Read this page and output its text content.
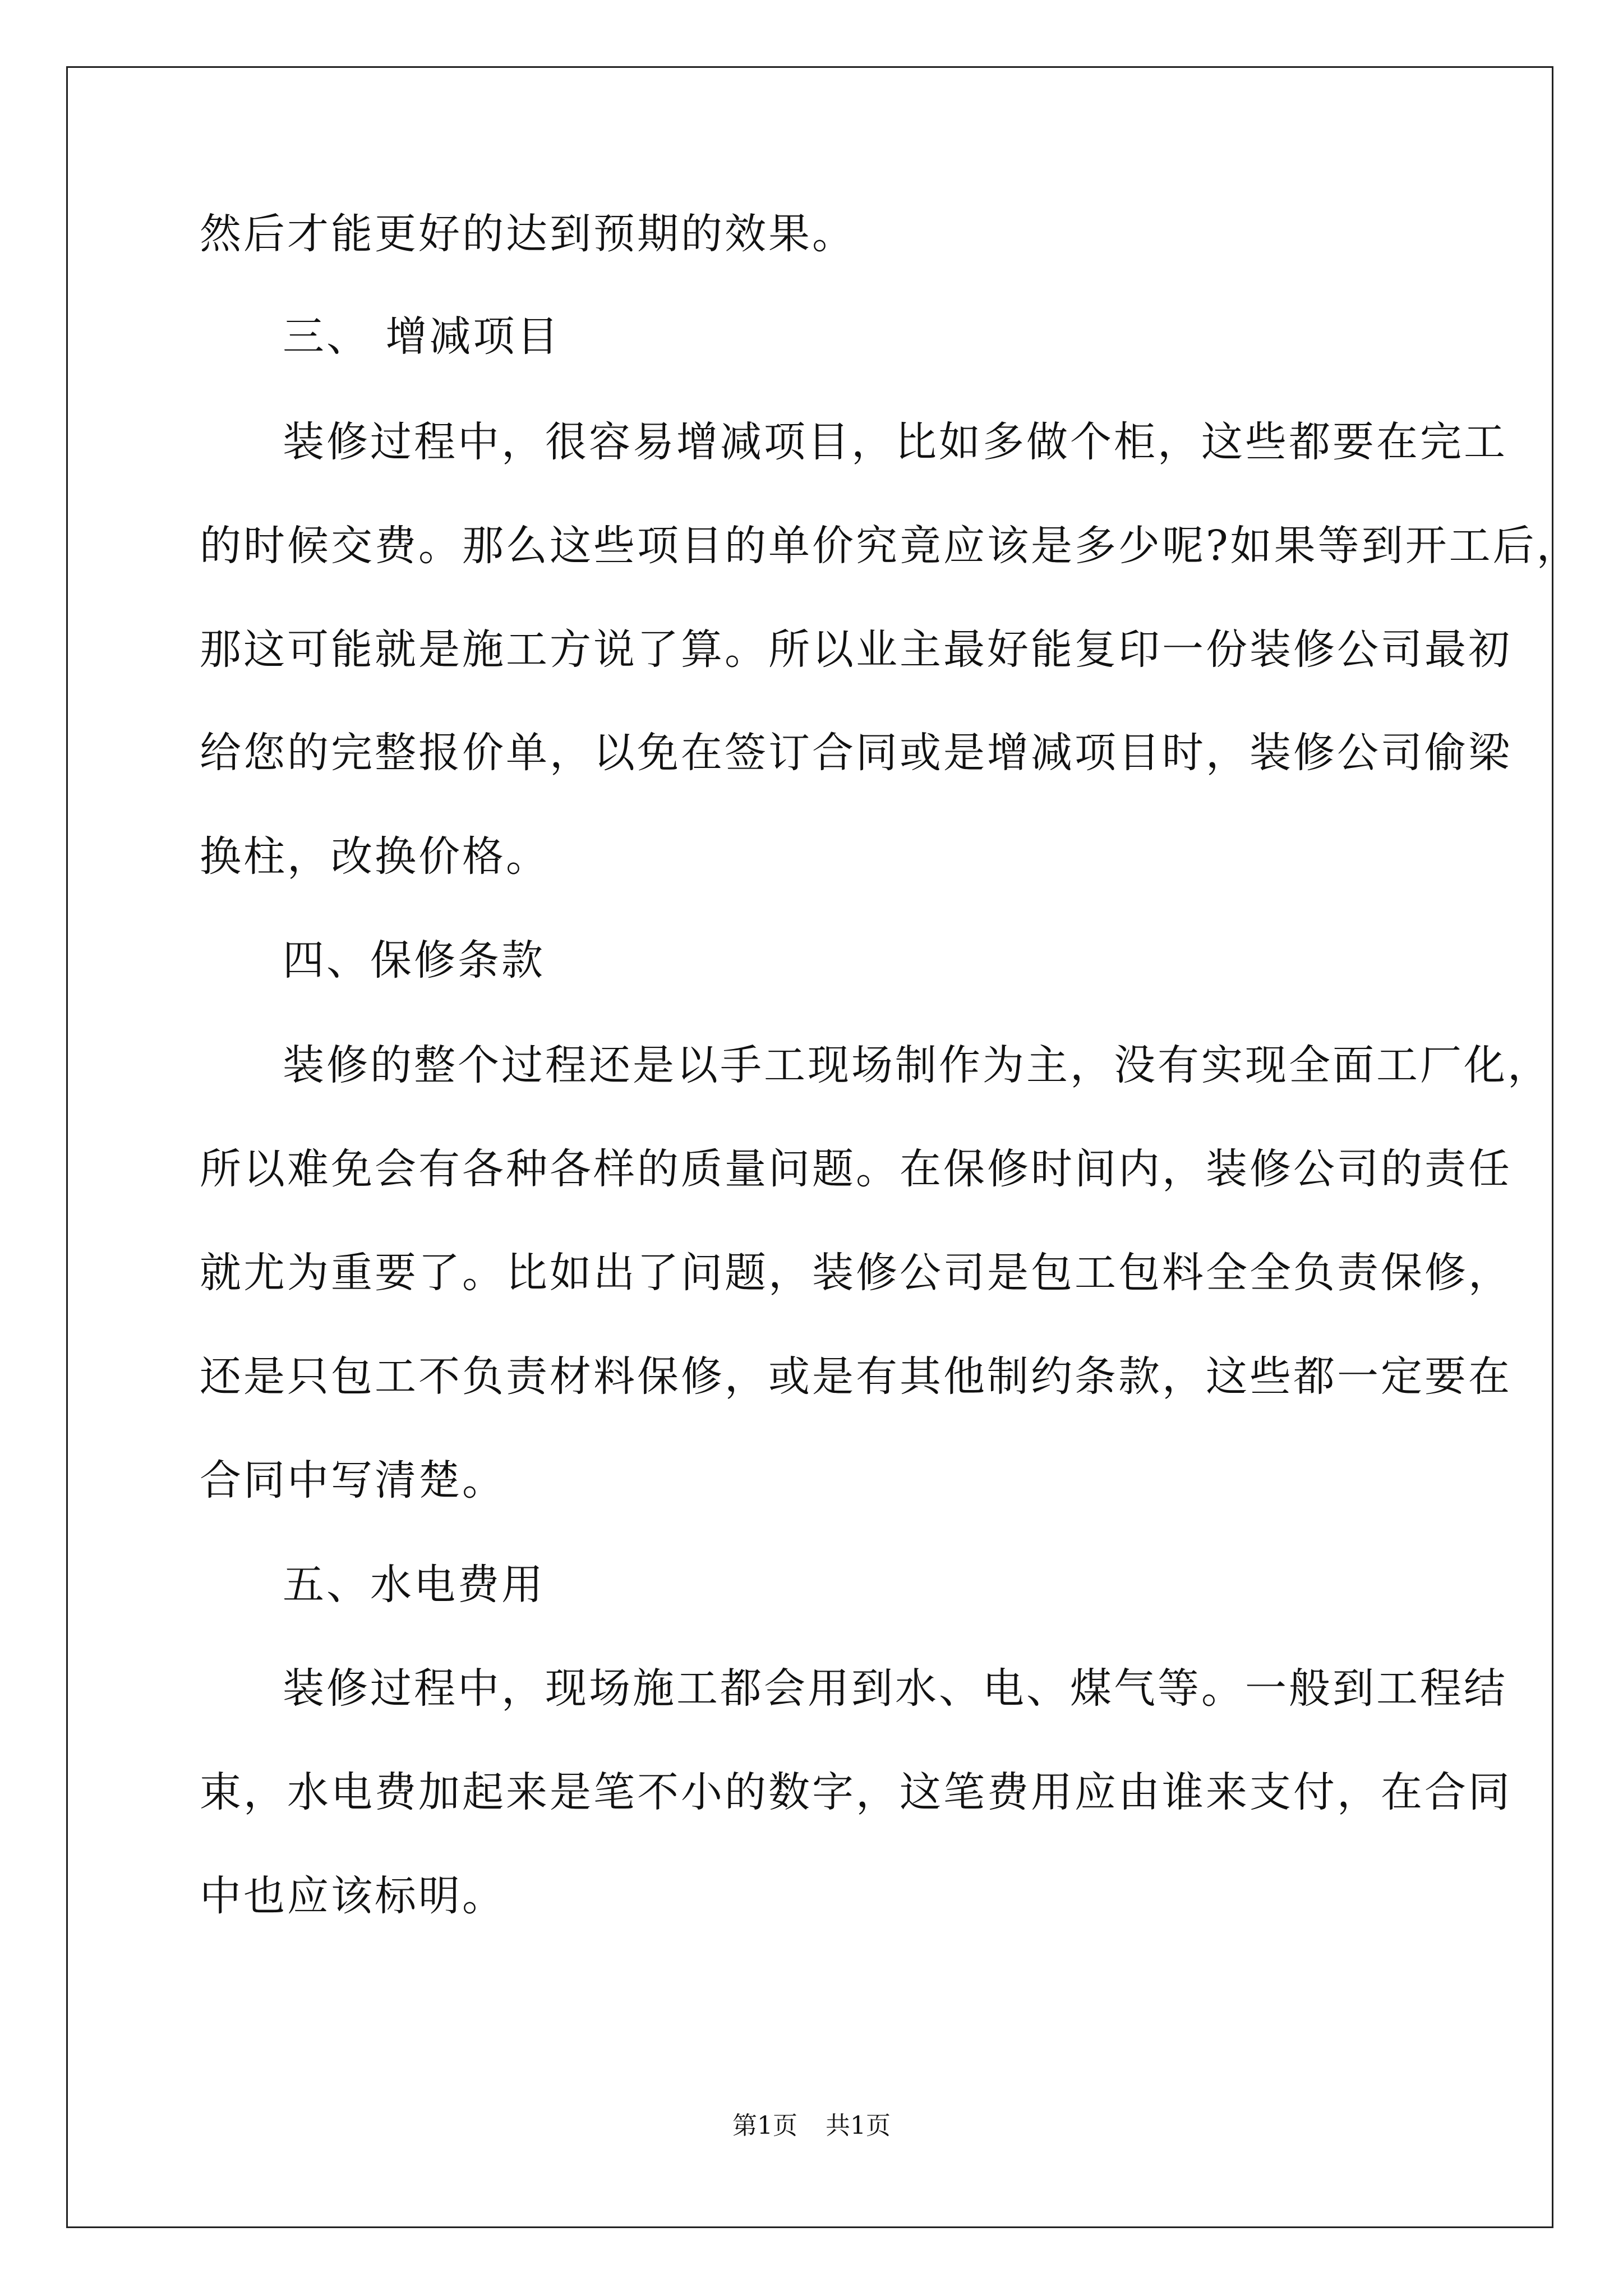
然后才能更好的达到预期的效果。
三、 增减项目
装修过程中，很容易增减项目，比如多做个柜，这些都要在完工
的时候交费。那么这些项目的单价究竟应该是多少呢?如果等到开工后，
那这可能就是施工方说了算。所以业主最好能复印一份装修公司最初
给您的完整报价单，以免在签订合同或是增减项目时，装修公司偷梁
换柱，改换价格。
四、保修条款
装修的整个过程还是以手工现场制作为主，没有实现全面工厂化，
所以难免会有各种各样的质量问题。在保修时间内，装修公司的责任
就尤为重要了。比如出了问题，装修公司是包工包料全全负责保修，
还是只包工不负责材料保修，或是有其他制约条款，这些都一定要在
合同中写清楚。
五、水电费用
装修过程中，现场施工都会用到水、电、煤气等。一般到工程结
束，水电费加起来是笔不小的数字，这笔费用应由谁来支付，在合同
中也应该标明。
第1页 共1页
